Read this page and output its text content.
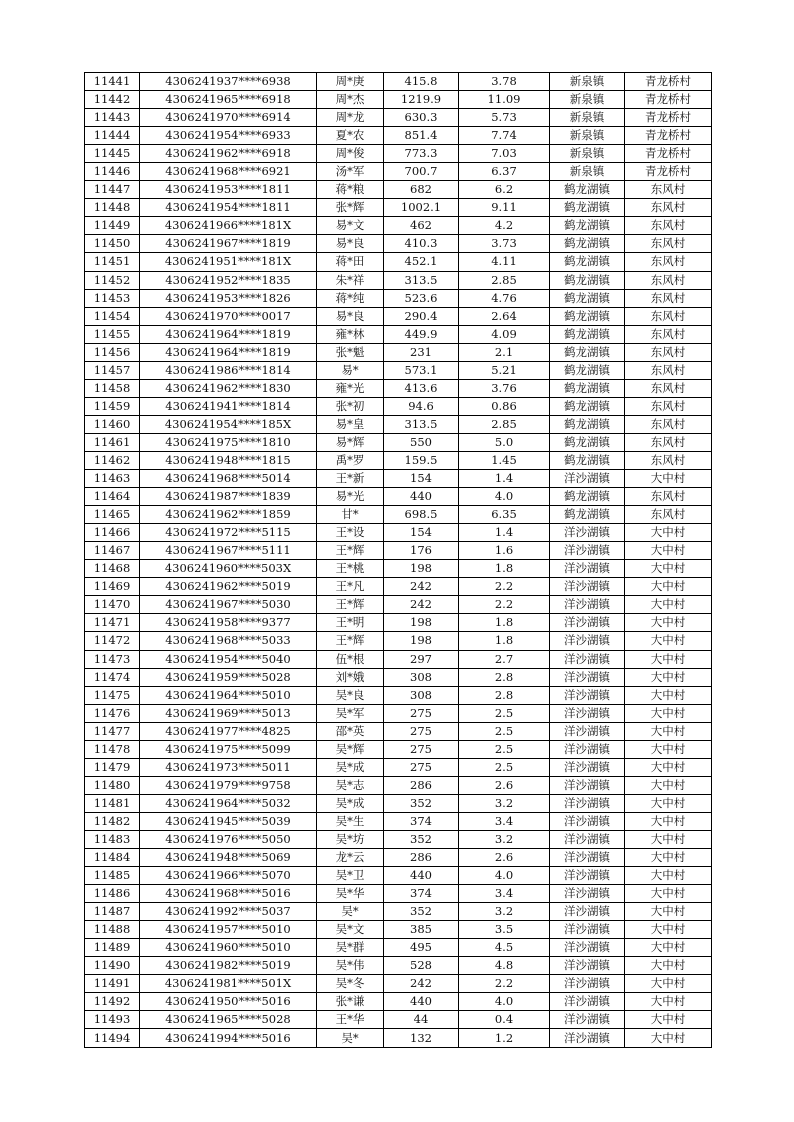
11441	4306241937****6938	周*庚	415.8	3.78	新泉镇	青龙桥村
11442	4306241965****6918	周*杰	1219.9	11.09	新泉镇	青龙桥村
11443	4306241970****6914	周*龙	630.3	5.73	新泉镇	青龙桥村
11444	4306241954****6933	夏*农	851.4	7.74	新泉镇	青龙桥村
11445	4306241962****6918	周*俊	773.3	7.03	新泉镇	青龙桥村
11446	4306241968****6921	汤*军	700.7	6.37	新泉镇	青龙桥村
11447	4306241953****1811	蒋*粮	682	6.2	鹤龙湖镇	东风村
11448	4306241954****1811	张*辉	1002.1	9.11	鹤龙湖镇	东风村
11449	4306241966****181X	易*文	462	4.2	鹤龙湖镇	东风村
11450	4306241967****1819	易*良	410.3	3.73	鹤龙湖镇	东风村
11451	4306241951****181X	蒋*田	452.1	4.11	鹤龙湖镇	东风村
11452	4306241952****1835	朱*祥	313.5	2.85	鹤龙湖镇	东风村
11453	4306241953****1826	蒋*纯	523.6	4.76	鹤龙湖镇	东风村
11454	4306241970****0017	易*良	290.4	2.64	鹤龙湖镇	东风村
11455	4306241964****1819	雍*林	449.9	4.09	鹤龙湖镇	东风村
11456	4306241964****1819	张*魁	231	2.1	鹤龙湖镇	东风村
11457	4306241986****1814	易*	573.1	5.21	鹤龙湖镇	东风村
11458	4306241962****1830	雍*光	413.6	3.76	鹤龙湖镇	东风村
11459	4306241941****1814	张*初	94.6	0.86	鹤龙湖镇	东风村
11460	4306241954****185X	易*皇	313.5	2.85	鹤龙湖镇	东风村
11461	4306241975****1810	易*辉	550	5.0	鹤龙湖镇	东风村
11462	4306241948****1815	禹*罗	159.5	1.45	鹤龙湖镇	东风村
11463	4306241968****5014	王*新	154	1.4	洋沙湖镇	大中村
11464	4306241987****1839	易*光	440	4.0	鹤龙湖镇	东风村
11465	4306241962****1859	甘*	698.5	6.35	鹤龙湖镇	东风村
11466	4306241972****5115	王*设	154	1.4	洋沙湖镇	大中村
11467	4306241967****5111	王*辉	176	1.6	洋沙湖镇	大中村
11468	4306241960****503X	王*桃	198	1.8	洋沙湖镇	大中村
11469	4306241962****5019	王*凡	242	2.2	洋沙湖镇	大中村
11470	4306241967****5030	王*辉	242	2.2	洋沙湖镇	大中村
11471	4306241958****9377	王*明	198	1.8	洋沙湖镇	大中村
11472	4306241968****5033	王*辉	198	1.8	洋沙湖镇	大中村
11473	4306241954****5040	伍*根	297	2.7	洋沙湖镇	大中村
11474	4306241959****5028	刘*娥	308	2.8	洋沙湖镇	大中村
11475	4306241964****5010	吴*良	308	2.8	洋沙湖镇	大中村
11476	4306241969****5013	吴*军	275	2.5	洋沙湖镇	大中村
11477	4306241977****4825	邵*英	275	2.5	洋沙湖镇	大中村
11478	4306241975****5099	吴*辉	275	2.5	洋沙湖镇	大中村
11479	4306241973****5011	吴*成	275	2.5	洋沙湖镇	大中村
11480	4306241979****9758	吴*志	286	2.6	洋沙湖镇	大中村
11481	4306241964****5032	吴*成	352	3.2	洋沙湖镇	大中村
11482	4306241945****5039	吴*生	374	3.4	洋沙湖镇	大中村
11483	4306241976****5050	吴*坊	352	3.2	洋沙湖镇	大中村
11484	4306241948****5069	龙*云	286	2.6	洋沙湖镇	大中村
11485	4306241966****5070	吴*卫	440	4.0	洋沙湖镇	大中村
11486	4306241968****5016	吴*华	374	3.4	洋沙湖镇	大中村
11487	4306241992****5037	吴*	352	3.2	洋沙湖镇	大中村
11488	4306241957****5010	吴*文	385	3.5	洋沙湖镇	大中村
11489	4306241960****5010	吴*群	495	4.5	洋沙湖镇	大中村
11490	4306241982****5019	吴*伟	528	4.8	洋沙湖镇	大中村
11491	4306241981****501X	吴*冬	242	2.2	洋沙湖镇	大中村
11492	4306241950****5016	张*谦	440	4.0	洋沙湖镇	大中村
11493	4306241965****5028	王*华	44	0.4	洋沙湖镇	大中村
11494	4306241994****5016	吴*	132	1.2	洋沙湖镇	大中村
